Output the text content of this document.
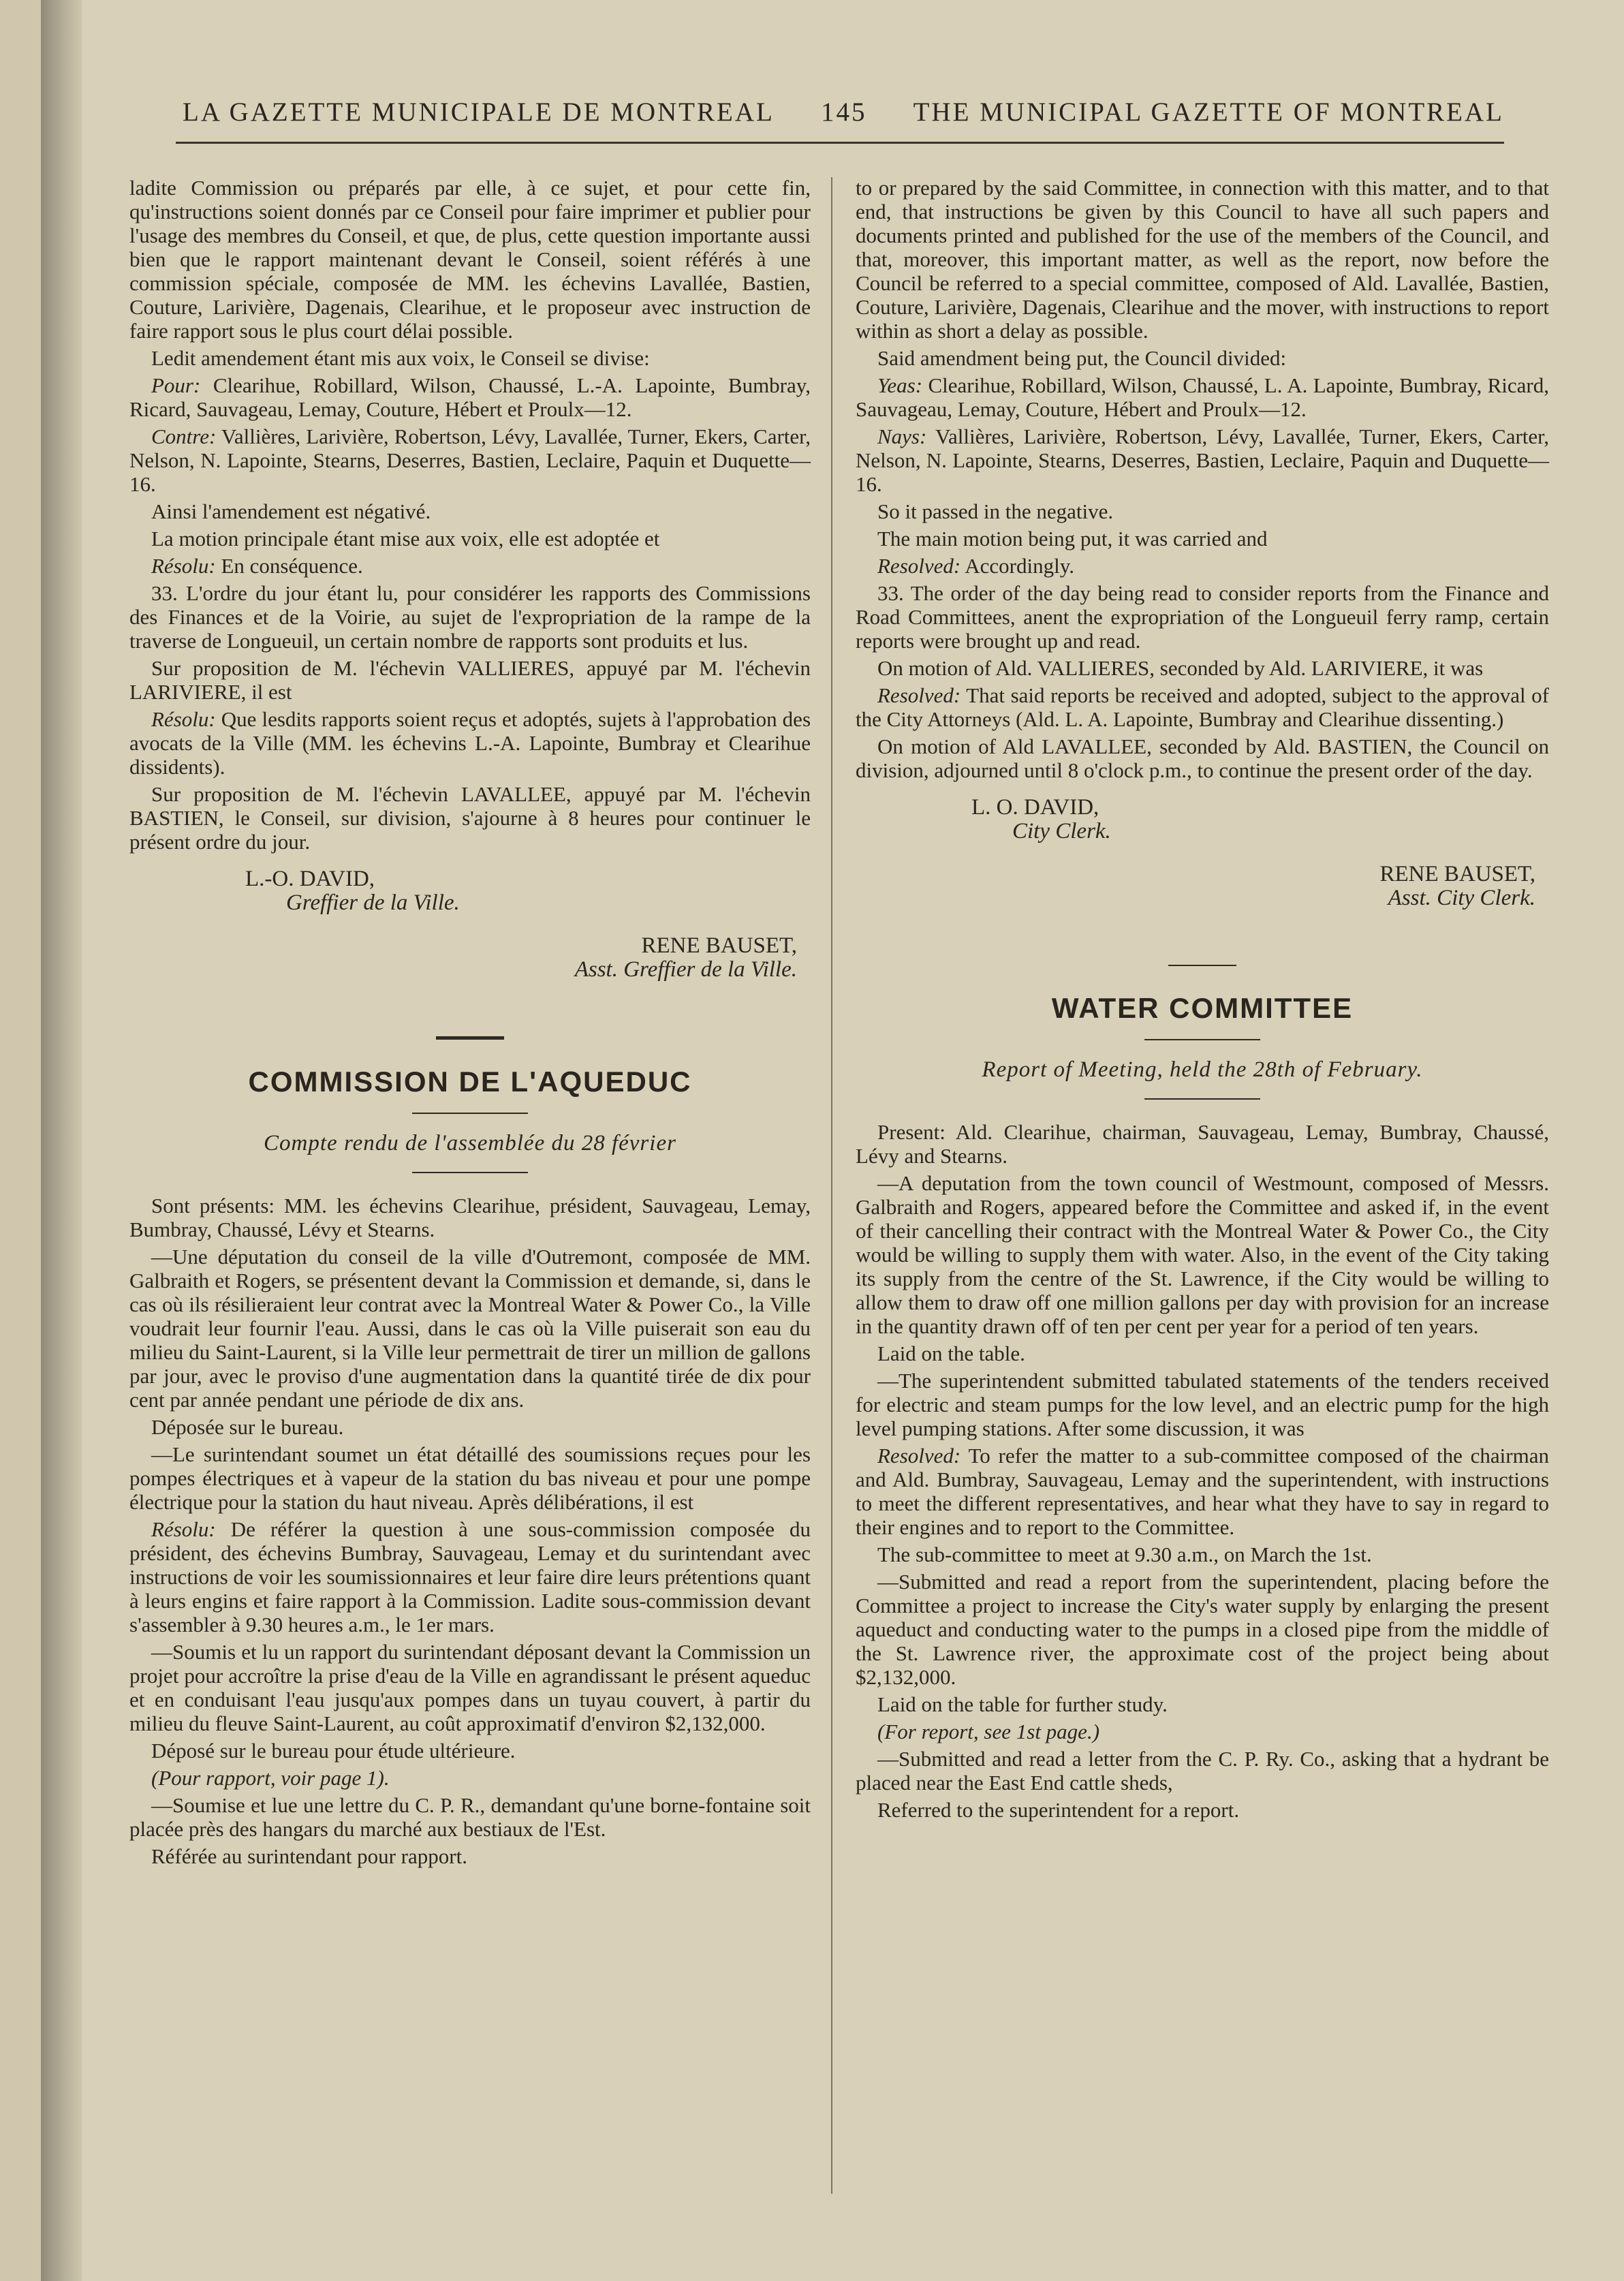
LA GAZETTE MUNICIPALE DE MONTREAL 145 THE MUNICIPAL GAZETTE OF MONTREAL

ladite Commission ou préparés par elle, à ce sujet, et pour cette fin, qu'instructions soient donnés par ce Conseil pour faire imprimer et publier pour l'usage des membres du Conseil, et que, de plus, cette question importante aussi bien que le rapport maintenant devant le Conseil, soient référés à une commission spéciale, composée de MM. les échevins Lavallée, Bastien, Couture, Larivière, Dagenais, Clearihue, et le proposeur avec instruction de faire rapport sous le plus court délai possible.

Ledit amendement étant mis aux voix, le Conseil se divise:

Pour: Clearihue, Robillard, Wilson, Chaussé, L.-A. Lapointe, Bumbray, Ricard, Sauvageau, Lemay, Couture, Hébert et Proulx—12.

Contre: Vallières, Larivière, Robertson, Lévy, Lavallée, Turner, Ekers, Carter, Nelson, N. Lapointe, Stearns, Deserres, Bastien, Leclaire, Paquin et Duquette—16.

Ainsi l'amendement est négativé.

La motion principale étant mise aux voix, elle est adoptée et

Résolu: En conséquence.

33. L'ordre du jour étant lu, pour considérer les rapports des Commissions des Finances et de la Voirie, au sujet de l'expropriation de la rampe de la traverse de Longueuil, un certain nombre de rapports sont produits et lus.

Sur proposition de M. l'échevin VALLIERES, appuyé par M. l'échevin LARIVIERE, il est

Résolu: Que lesdits rapports soient reçus et adoptés, sujets à l'approbation des avocats de la Ville (MM. les échevins L.-A. Lapointe, Bumbray et Clearihue dissidents).

Sur proposition de M. l'échevin LAVALLEE, appuyé par M. l'échevin BASTIEN, le Conseil, sur division, s'ajourne à 8 heures pour continuer le présent ordre du jour.

L.-O. DAVID,
Greffier de la Ville.
RENE BAUSET,
Asst. Greffier de la Ville.
COMMISSION DE L'AQUEDUC
Compte rendu de l'assemblée du 28 février

Sont présents: MM. les échevins Clearihue, président, Sauvageau, Lemay, Bumbray, Chaussé, Lévy et Stearns.

—Une députation du conseil de la ville d'Outremont, composée de MM. Galbraith et Rogers, se présentent devant la Commission et demande, si, dans le cas où ils résilieraient leur contrat avec la Montreal Water & Power Co., la Ville voudrait leur fournir l'eau. Aussi, dans le cas où la Ville puiserait son eau du milieu du Saint-Laurent, si la Ville leur permettrait de tirer un million de gallons par jour, avec le proviso d'une augmentation dans la quantité tirée de dix pour cent par année pendant une période de dix ans.

Déposée sur le bureau.

—Le surintendant soumet un état détaillé des soumissions reçues pour les pompes électriques et à vapeur de la station du bas niveau et pour une pompe électrique pour la station du haut niveau. Après délibérations, il est

Résolu: De référer la question à une sous-commission composée du président, des échevins Bumbray, Sauvageau, Lemay et du surintendant avec instructions de voir les soumissionnaires et leur faire dire leurs prétentions quant à leurs engins et faire rapport à la Commission. Ladite sous-commission devant s'assembler à 9.30 heures a.m., le 1er mars.

—Soumis et lu un rapport du surintendant déposant devant la Commission un projet pour accroître la prise d'eau de la Ville en agrandissant le présent aqueduc et en conduisant l'eau jusqu'aux pompes dans un tuyau couvert, à partir du milieu du fleuve Saint-Laurent, au coût approximatif d'environ $2,132,000.

Déposé sur le bureau pour étude ultérieure.

(Pour rapport, voir page 1).

—Soumise et lue une lettre du C. P. R., demandant qu'une borne-fontaine soit placée près des hangars du marché aux bestiaux de l'Est.

Référée au surintendant pour rapport.

to or prepared by the said Committee, in connection with this matter, and to that end, that instructions be given by this Council to have all such papers and documents printed and published for the use of the members of the Council, and that, moreover, this important matter, as well as the report, now before the Council be referred to a special committee, composed of Ald. Lavallée, Bastien, Couture, Larivière, Dagenais, Clearihue and the mover, with instructions to report within as short a delay as possible.

Said amendment being put, the Council divided:

Yeas: Clearihue, Robillard, Wilson, Chaussé, L. A. Lapointe, Bumbray, Ricard, Sauvageau, Lemay, Couture, Hébert and Proulx—12.

Nays: Vallières, Larivière, Robertson, Lévy, Lavallée, Turner, Ekers, Carter, Nelson, N. Lapointe, Stearns, Deserres, Bastien, Leclaire, Paquin and Duquette—16.

So it passed in the negative.

The main motion being put, it was carried and

Resolved: Accordingly.

33. The order of the day being read to consider reports from the Finance and Road Committees, anent the expropriation of the Longueuil ferry ramp, certain reports were brought up and read.

On motion of Ald. VALLIERES, seconded by Ald. LARIVIERE, it was

Resolved: That said reports be received and adopted, subject to the approval of the City Attorneys (Ald. L. A. Lapointe, Bumbray and Clearihue dissenting.)

On motion of Ald LAVALLEE, seconded by Ald. BASTIEN, the Council on division, adjourned until 8 o'clock p.m., to continue the present order of the day.

L. O. DAVID,
City Clerk.
RENE BAUSET,
Asst. City Clerk.
WATER COMMITTEE
Report of Meeting, held the 28th of February.

Present: Ald. Clearihue, chairman, Sauvageau, Lemay, Bumbray, Chaussé, Lévy and Stearns.

—A deputation from the town council of Westmount, composed of Messrs. Galbraith and Rogers, appeared before the Committee and asked if, in the event of their cancelling their contract with the Montreal Water & Power Co., the City would be willing to supply them with water. Also, in the event of the City taking its supply from the centre of the St. Lawrence, if the City would be willing to allow them to draw off one million gallons per day with provision for an increase in the quantity drawn off of ten per cent per year for a period of ten years.

Laid on the table.

—The superintendent submitted tabulated statements of the tenders received for electric and steam pumps for the low level, and an electric pump for the high level pumping stations. After some discussion, it was

Resolved: To refer the matter to a sub-committee composed of the chairman and Ald. Bumbray, Sauvageau, Lemay and the superintendent, with instructions to meet the different representatives, and hear what they have to say in regard to their engines and to report to the Committee.

The sub-committee to meet at 9.30 a.m., on March the 1st.

—Submitted and read a report from the superintendent, placing before the Committee a project to increase the City's water supply by enlarging the present aqueduct and conducting water to the pumps in a closed pipe from the middle of the St. Lawrence river, the approximate cost of the project being about $2,132,000.

Laid on the table for further study.

(For report, see 1st page.)

—Submitted and read a letter from the C. P. Ry. Co., asking that a hydrant be placed near the East End cattle sheds,

Referred to the superintendent for a report.
